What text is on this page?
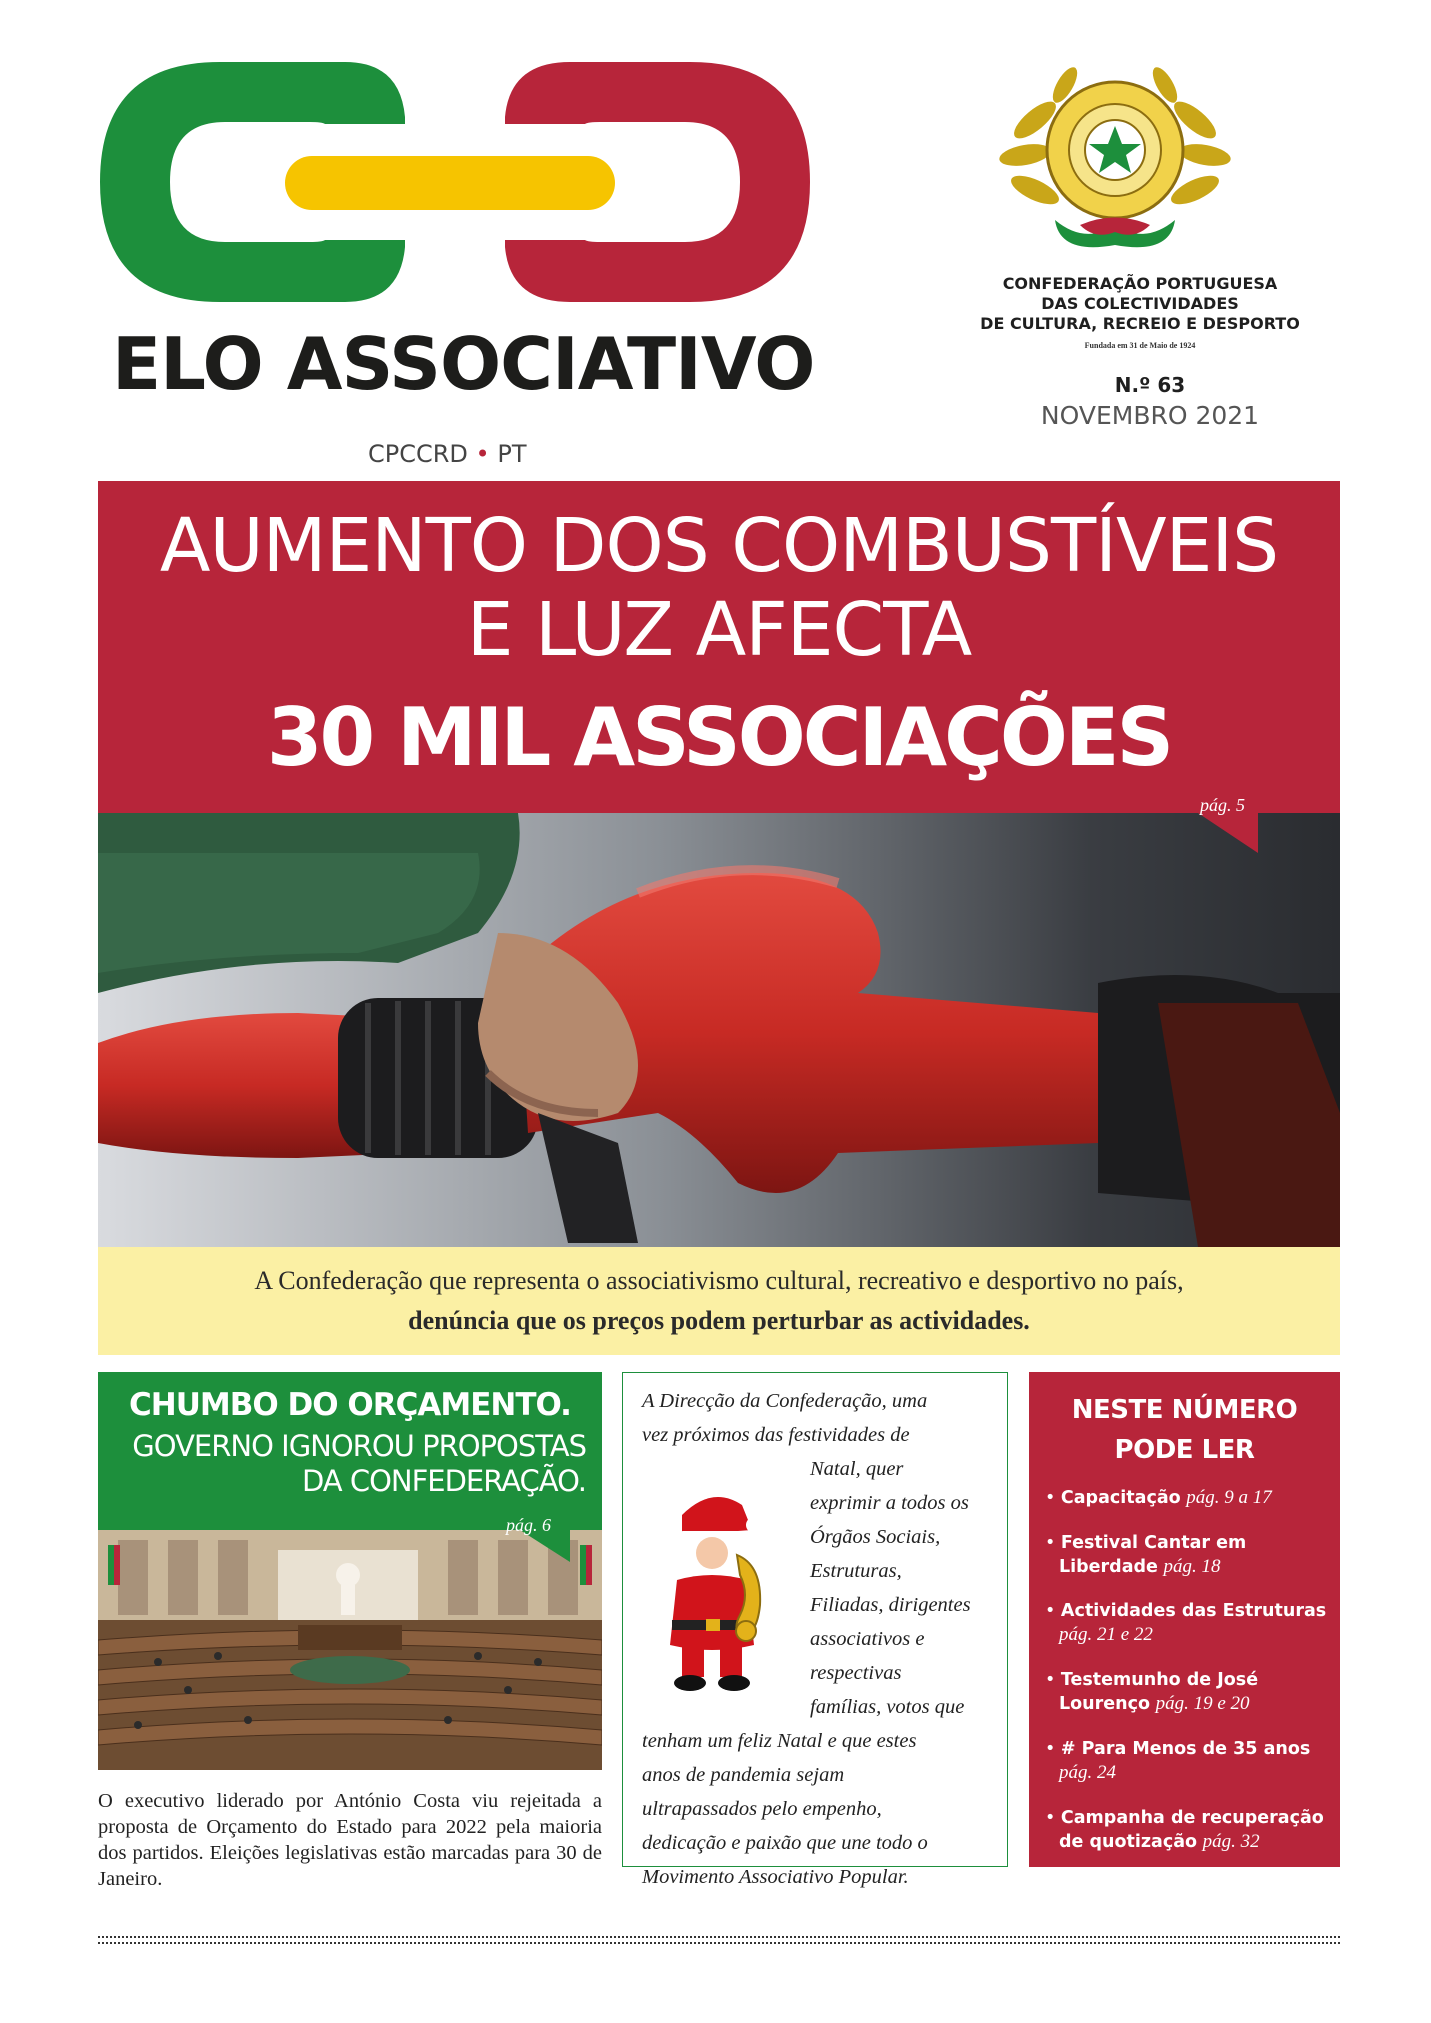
ELO ASSOCIATIVO
CPCCRD • PT
CONFEDERAÇÃO PORTUGUESA
DAS COLECTIVIDADES
DE CULTURA, RECREIO E DESPORTO
Fundada em 31 de Maio de 1924
N.º 63
NOVEMBRO 2021
AUMENTO DOS COMBUSTÍVEIS
E LUZ AFECTA
30 MIL ASSOCIAÇÕES
pág. 5
A Confederação que representa o associativismo cultural, recreativo e desportivo no país,
denúncia que os preços podem perturbar as actividades.
CHUMBO DO ORÇAMENTO.
GOVERNO IGNOROU PROPOSTAS
DA CONFEDERAÇÃO.
pág. 6
O executivo liderado por António Costa viu rejeitada a proposta de Orçamento do Estado para 2022 pela maioria dos partidos. Eleições legislativas estão marcadas para 30 de Janeiro.
A Direcção da Confederação, uma
vez próximos das festividades de
Natal, quer
exprimir a todos os
Órgãos Sociais,
Estruturas,
Filiadas, dirigentes
associativos e
respectivas
famílias, votos que
tenham um feliz Natal e que estes
anos de pandemia sejam
ultrapassados pelo empenho,
dedicação e paixão que une todo o
Movimento Associativo Popular.
NESTE NÚMERO
PODE LER
• Capacitação pág. 9 a 17
• Festival Cantar em
Liberdade pág. 18
• Actividades das Estruturas
pág. 21 e 22
• Testemunho de José
Lourenço pág. 19 e 20
• # Para Menos de 35 anos
pág. 24
• Campanha de recuperação
de quotização pág. 32
